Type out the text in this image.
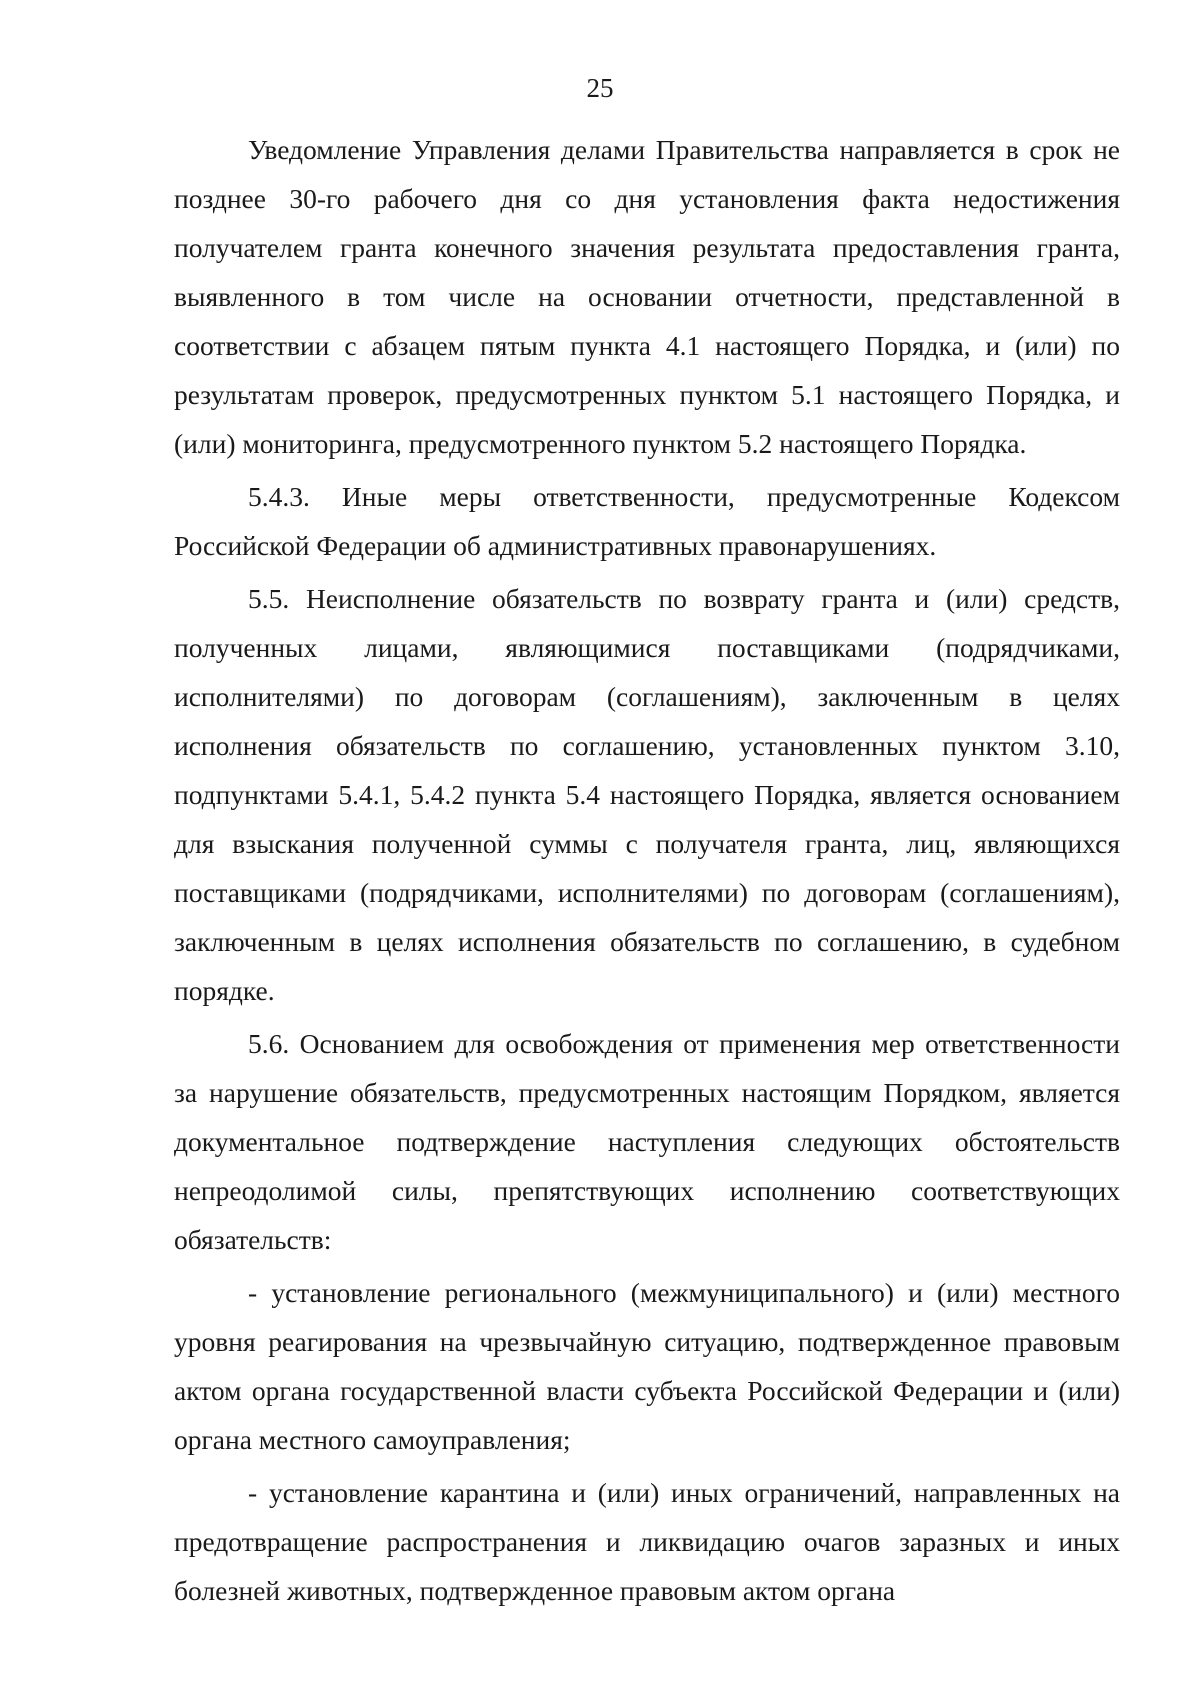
25

Уведомление Управления делами Правительства направляется в срок не позднее 30-го рабочего дня со дня установления факта недостижения получателем гранта конечного значения результата предоставления гранта, выявленного в том числе на основании отчетности, представленной в соответствии с абзацем пятым пункта 4.1 настоящего Порядка, и (или) по результатам проверок, предусмотренных пунктом 5.1 настоящего Порядка, и (или) мониторинга, предусмотренного пунктом 5.2 настоящего Порядка.

5.4.3. Иные меры ответственности, предусмотренные Кодексом Российской Федерации об административных правонарушениях.

5.5. Неисполнение обязательств по возврату гранта и (или) средств, полученных лицами, являющимися поставщиками (подрядчиками, исполнителями) по договорам (соглашениям), заключенным в целях исполнения обязательств по соглашению, установленных пунктом 3.10, подпунктами 5.4.1, 5.4.2 пункта 5.4 настоящего Порядка, является основанием для взыскания полученной суммы с получателя гранта, лиц, являющихся поставщиками (подрядчиками, исполнителями) по договорам (соглашениям), заключенным в целях исполнения обязательств по соглашению, в судебном порядке.

5.6. Основанием для освобождения от применения мер ответственности за нарушение обязательств, предусмотренных настоящим Порядком, является документальное подтверждение наступления следующих обстоятельств непреодолимой силы, препятствующих исполнению соответствующих обязательств:

- установление регионального (межмуниципального) и (или) местного уровня реагирования на чрезвычайную ситуацию, подтвержденное правовым актом органа государственной власти субъекта Российской Федерации и (или) органа местного самоуправления;

- установление карантина и (или) иных ограничений, направленных на предотвращение распространения и ликвидацию очагов заразных и иных болезней животных, подтвержденное правовым актом органа
